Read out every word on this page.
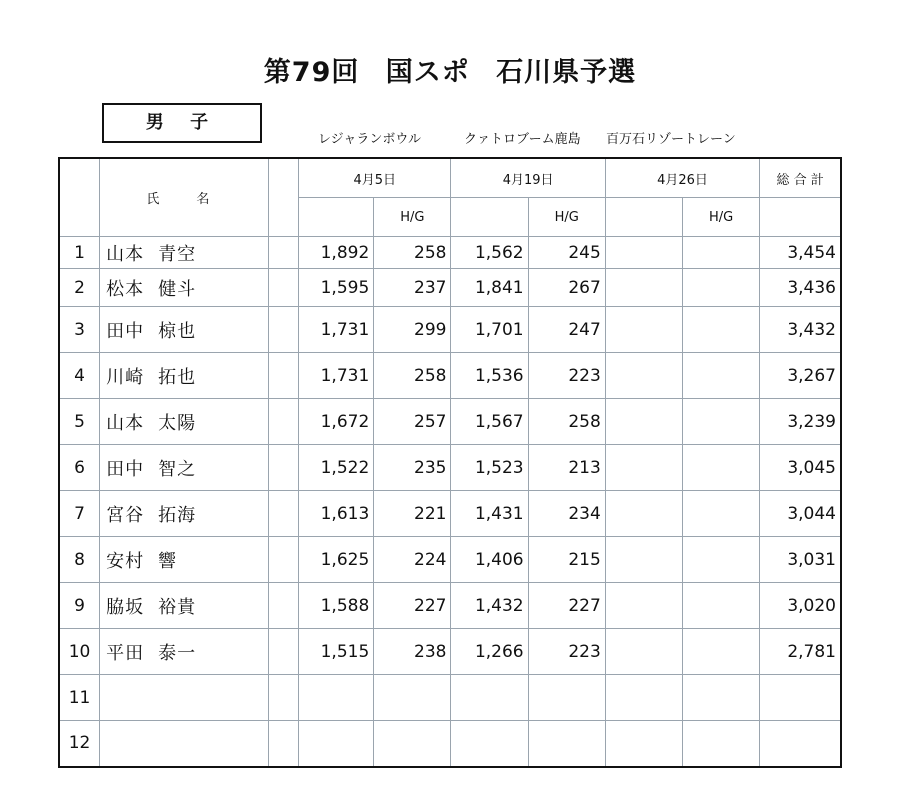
第79回 国スポ 石川県予選
男 子
レジャランボウル	クァトロブーム鹿島 百万石リゾートレーン
	氏　名		4月5日		4月19日		4月26日		総 合 計
				H/G		H/G		H/G	
1	山本 青空		1,892	258	1,562	245			3,454
2	松本 健斗		1,595	237	1,841	267			3,436
3	田中 椋也		1,731	299	1,701	247			3,432
4	川崎 拓也		1,731	258	1,536	223			3,267
5	山本 太陽		1,672	257	1,567	258			3,239
6	田中 智之		1,522	235	1,523	213			3,045
7	宮谷 拓海		1,613	221	1,431	234			3,044
8	安村 響		1,625	224	1,406	215			3,031
9	脇坂 裕貴		1,588	227	1,432	227			3,020
10	平田 泰一		1,515	238	1,266	223			2,781
11									
12									
